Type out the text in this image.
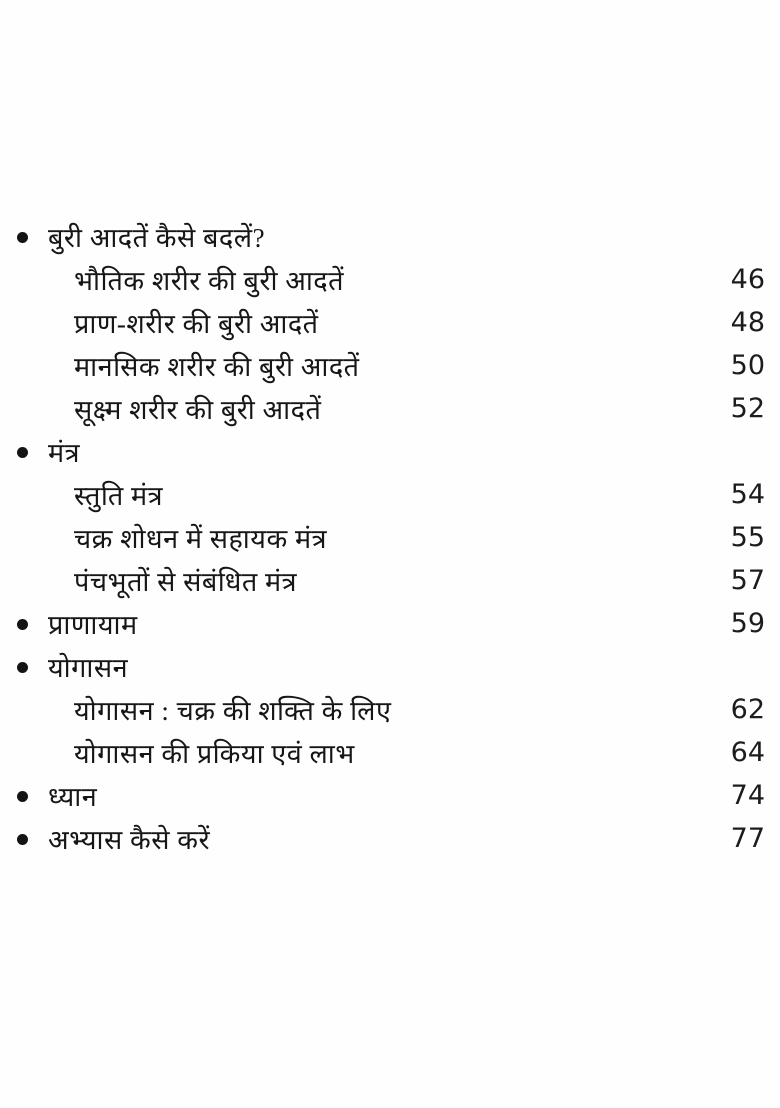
बुरी आदतें कैसे बदलें?
भौतिक शरीर की बुरी आदतें	46
प्राण-शरीर की बुरी आदतें	48
मानसिक शरीर की बुरी आदतें	50
सूक्ष्म शरीर की बुरी आदतें	52
मंत्र
स्तुति मंत्र	54
चक्र शोधन में सहायक मंत्र	55
पंचभूतों से संबंधित मंत्र	57
प्राणायाम	59
योगासन
योगासन : चक्र की शक्ति के लिए	62
योगासन की प्रकिया एवं लाभ	64
ध्यान	74
अभ्यास कैसे करें	77
